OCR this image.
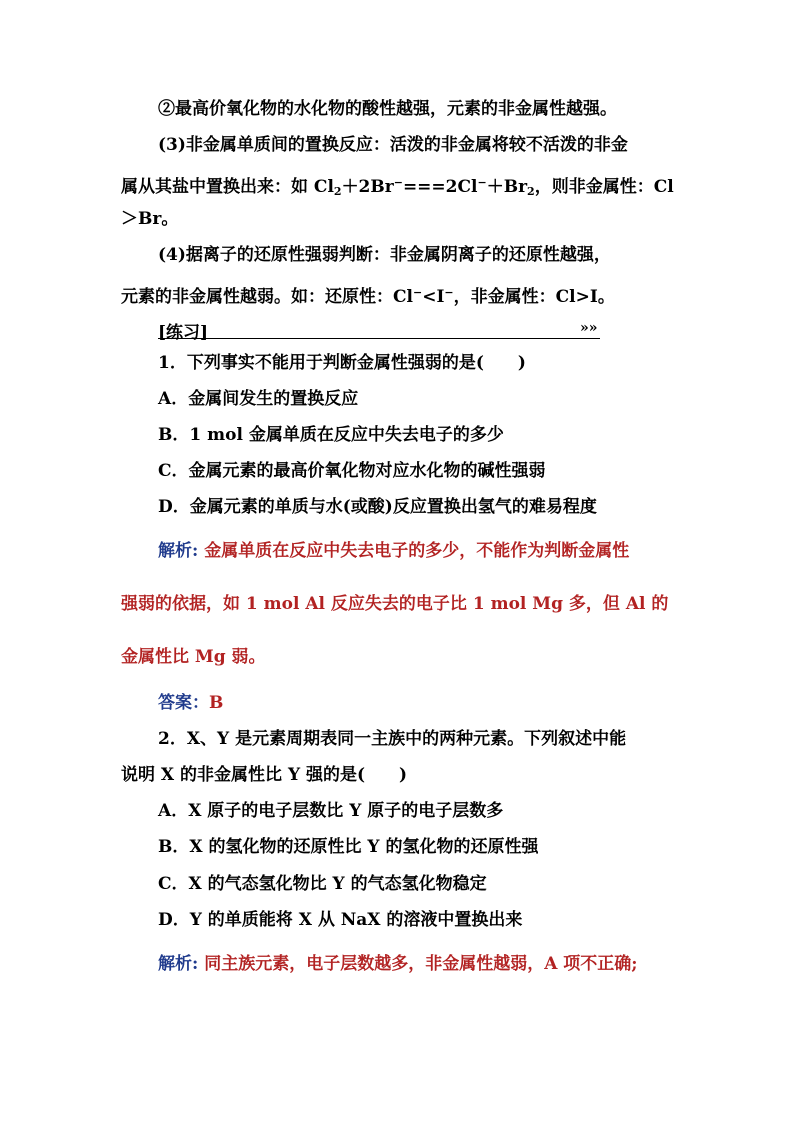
②最高价氧化物的水化物的酸性越强，元素的非金属性越强。
(3)非金属单质间的置换反应：活泼的非金属将较不活泼的非金
属从其盐中置换出来：如 $Cl_2+2Br^-===2Cl^-+Br_2$，则非金属性：Cl
＞Br。
(4)据离子的还原性强弱判断：非金属阴离子的还原性越强，
元素的非金属性越弱。如：还原性：Cl−<I−，非金属性：Cl>I。
[练习]	»»
1．下列事实不能用于判断金属性强弱的是(　　)
A．金属间发生的置换反应
B．1 mol 金属单质在反应中失去电子的多少
C．金属元素的最高价氧化物对应水化物的碱性强弱
D．金属元素的单质与水(或酸)反应置换出氢气的难易程度
解析: 金属单质在反应中失去电子的多少，不能作为判断金属性
强弱的依据，如 1 mol Al 反应失去的电子比 1 mol Mg 多，但 Al 的
金属性比 Mg 弱。
答案：B
2．X、Y 是元素周期表同一主族中的两种元素。下列叙述中能
说明 X 的非金属性比 Y 强的是(　　)
A．X 原子的电子层数比 Y 原子的电子层数多
B．X 的氢化物的还原性比 Y 的氢化物的还原性强
C．X 的气态氢化物比 Y 的气态氢化物稳定
D．Y 的单质能将 X 从 NaX 的溶液中置换出来
解析: 同主族元素，电子层数越多，非金属性越弱，A 项不正确;
